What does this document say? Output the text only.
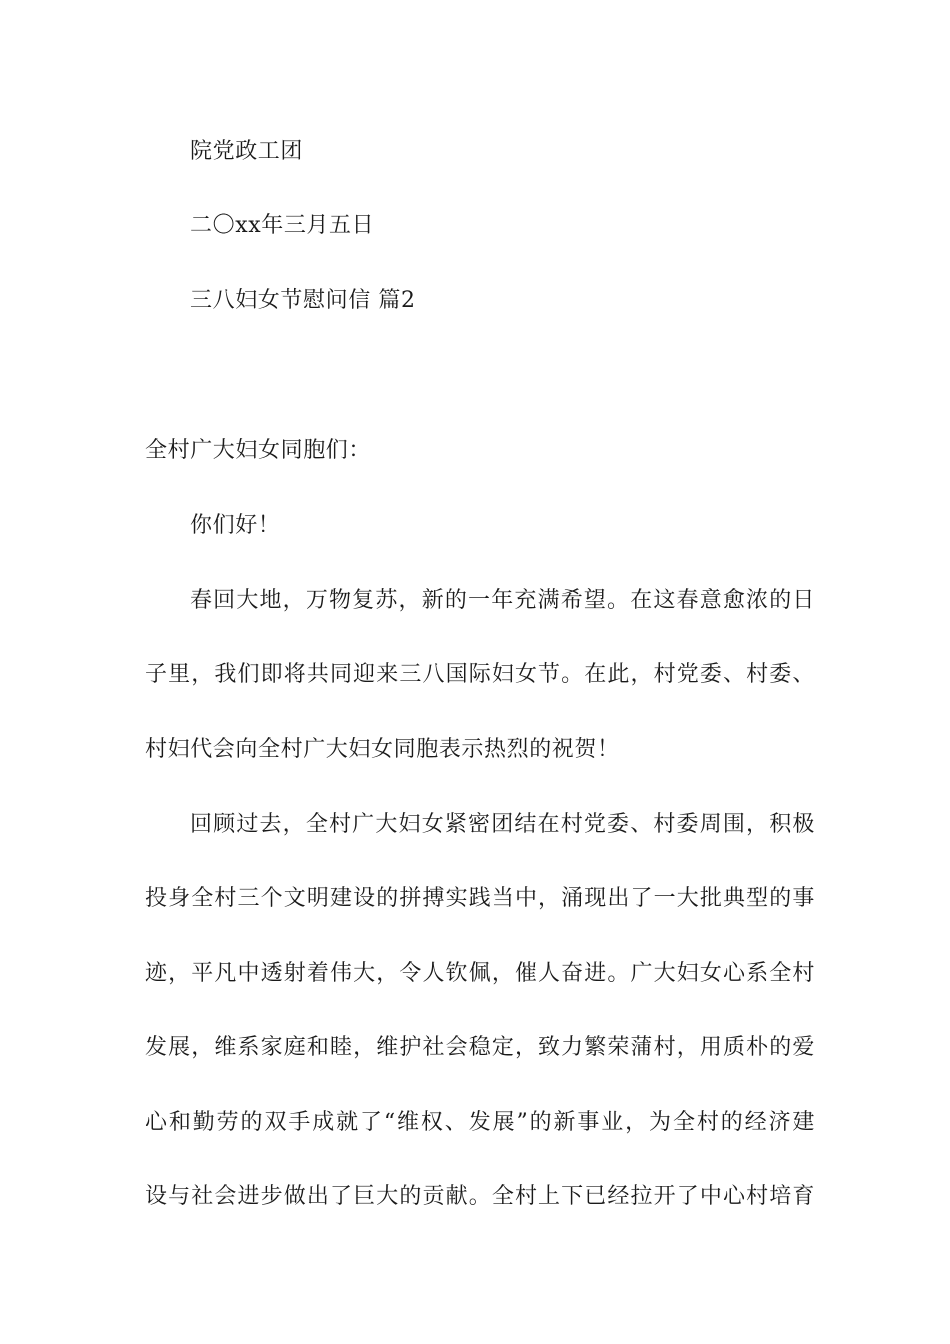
院党政工团
二〇xx年三月五日
三八妇女节慰问信 篇2
全村广大妇女同胞们：
你们好！
春回大地，万物复苏，新的一年充满希望。在这春意愈浓的日
子里，我们即将共同迎来三八国际妇女节。在此，村党委、村委、
村妇代会向全村广大妇女同胞表示热烈的祝贺！
回顾过去，全村广大妇女紧密团结在村党委、村委周围，积极
投身全村三个文明建设的拼搏实践当中，涌现出了一大批典型的事
迹，平凡中透射着伟大，令人钦佩，催人奋进。广大妇女心系全村
发展，维系家庭和睦，维护社会稳定，致力繁荣蒲村，用质朴的爱
心和勤劳的双手成就了“维权、发展”的新事业，为全村的经济建
设与社会进步做出了巨大的贡献。全村上下已经拉开了中心村培育
